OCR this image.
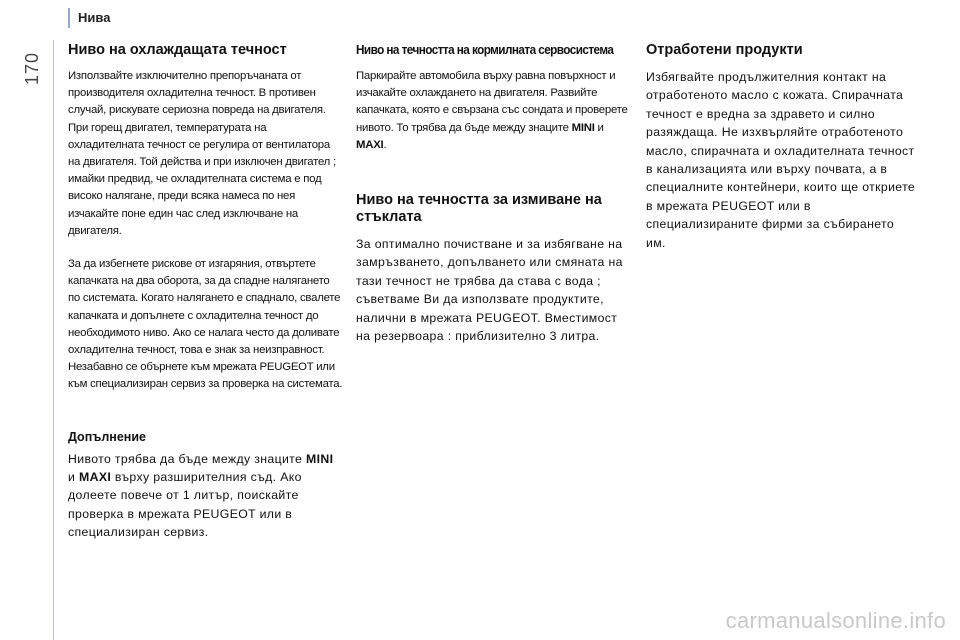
Нива
170
Ниво на охлаждащата течност

Използвайте изключително препоръчаната от производителя охладителна течност. В противен случай, рискувате сериозна повреда на двигателя. При горещ двигател, температурата на охладителната течност се регулира от вентилатора на двигателя. Той действа и при изключен двигател ; имайки предвид, че охладителната система е под високо налягане, преди всяка намеса по нея изчакайте поне един час след изключване на двигателя.

За да избегнете рискове от изгаряния, отвъртете капачката на два оборота, за да спадне налягането по системата. Когато налягането е спаднало, свалете капачката и допълнете с охладителна течност до необходимото ниво. Ако се налага често да доливате охладителна течност, това е знак за неизправност. Незабавно се обърнете към мрежата PEUGEOT или към специализиран сервиз за проверка на системата.

Допълнение

Нивото трябва да бъде между знаците MINI и MAXI върху разширителния съд. Ако долеете повече от 1 литър, поискайте проверка в мрежата PEUGEOT или в специализиран сервиз.

Ниво на течността на кормилната сервосистема

Паркирайте автомобила върху равна повърхност и изчакайте охлаждането на двигателя. Развийте капачката, която е свързана със сондата и проверете нивото. То трябва да бъде между знаците MINI и MAXI.

Ниво на течността за измиване на стъклата

За оптимално почистване и за избягване на замръзването, допълването или смяната на тази течност не трябва да става с вода ; съветваме Ви да използвате продуктите, налични в мрежата PEUGEOT. Вместимост на резервоара : приблизително 3 литра.

Отработени продукти

Избягвайте продължителния контакт на отработеното масло с кожата. Спирачната течност е вредна за здравето и силно разяждаща. Не изхвърляйте отработеното масло, спирачната и охладителната течност в канализацията или върху почвата, а в специалните контейнери, които ще откриете в мрежата PEUGEOT или в специализираните фирми за събирането им.

carmanualsonline.info
